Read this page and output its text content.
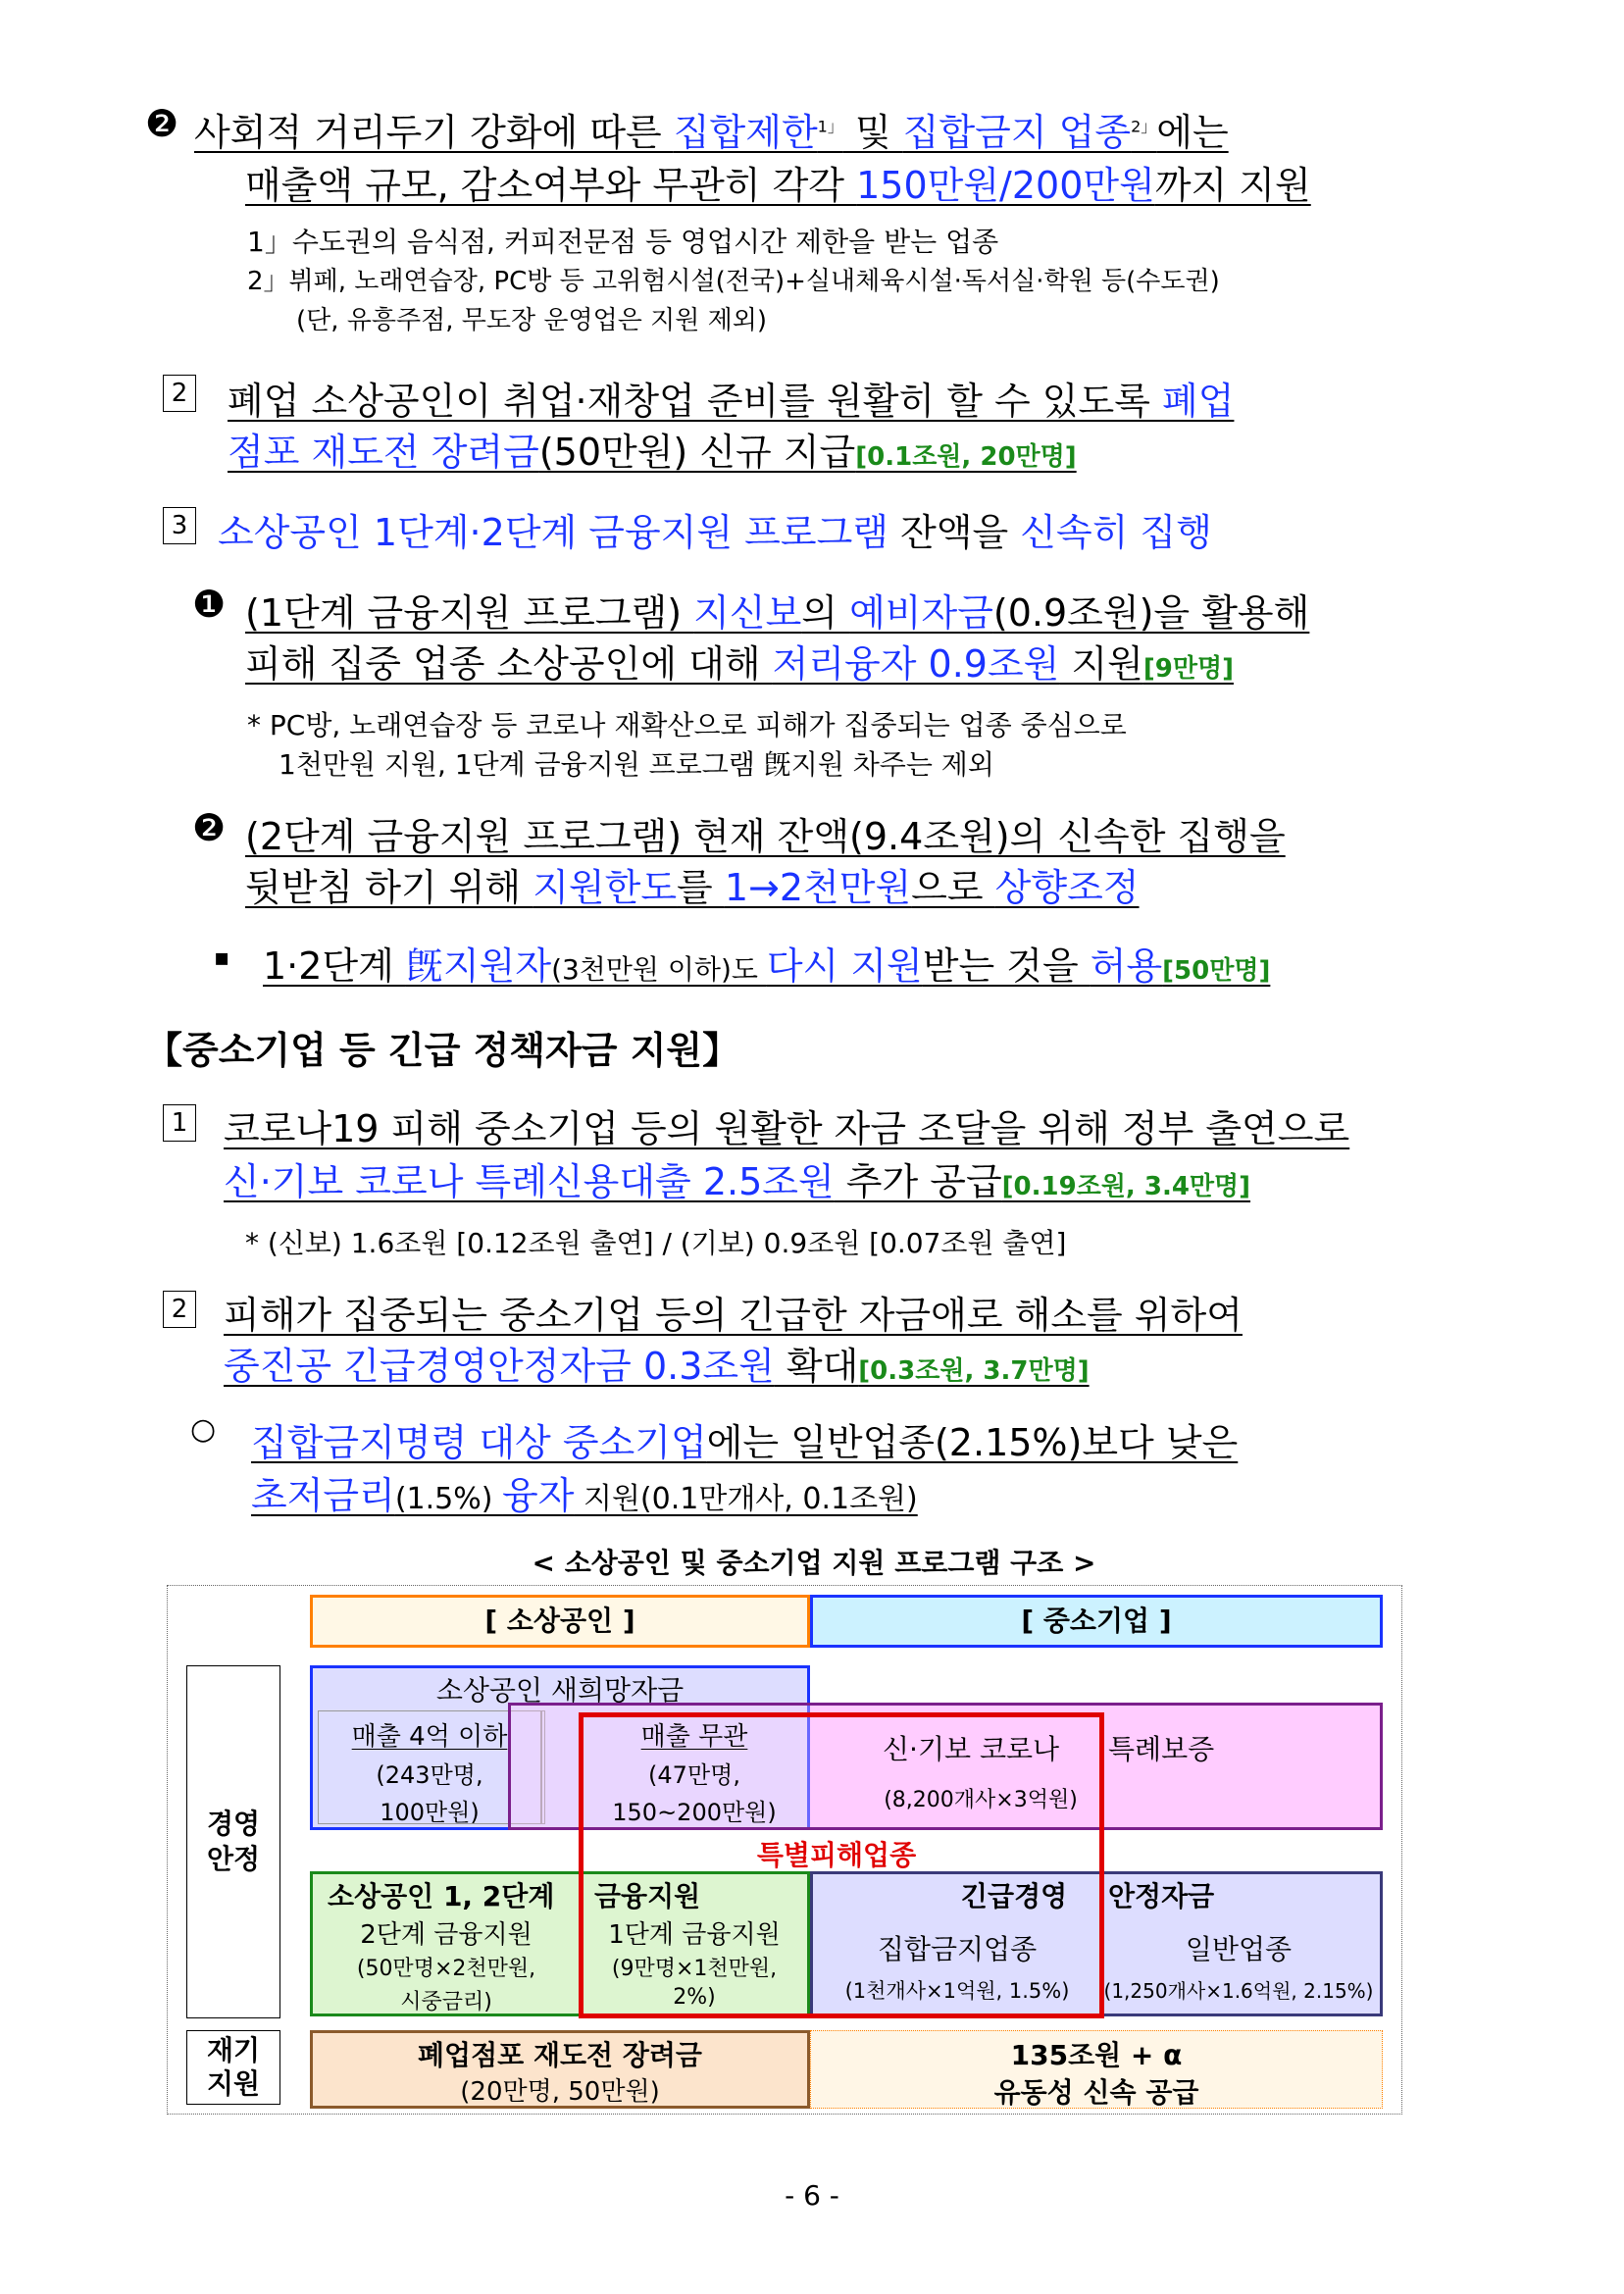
❷ 사회적 거리두기 강화에 따른 집합제한$^{1」}$ 및 집합금지 업종$^{2」}$에는
매출액 규모, 감소여부와 무관히 각각 150만원/200만원까지 지원
1」수도권의 음식점, 커피전문점 등 영업시간 제한을 받는 업종
2」뷔페, 노래연습장, PC방 등 고위험시설(전국)+실내체육시설·독서실·학원 등(수도권)
(단, 유흥주점, 무도장 운영업은 지원 제외)
2 폐업 소상공인이 취업·재창업 준비를 원활히 할 수 있도록 폐업
점포 재도전 장려금(50만원) 신규 지급[0.1조원, 20만명]
3 소상공인 1단계·2단계 금융지원 프로그램 잔액을 신속히 집행
❶ (1단계 금융지원 프로그램) 지신보의 예비자금(0.9조원)을 활용해
피해 집중 업종 소상공인에 대해 저리융자 0.9조원 지원[9만명]
* PC방, 노래연습장 등 코로나 재확산으로 피해가 집중되는 업종 중심으로
1천만원 지원, 1단계 금융지원 프로그램 旣지원 차주는 제외
❷ (2단계 금융지원 프로그램) 현재 잔액(9.4조원)의 신속한 집행을
뒷받침 하기 위해 지원한도를 1→2천만원으로 상향조정
▪ 1·2단계 旣지원자(3천만원 이하)도 다시 지원받는 것을 허용[50만명]
【중소기업 등 긴급 정책자금 지원】
1 코로나19 피해 중소기업 등의 원활한 자금 조달을 위해 정부 출연으로
신·기보 코로나 특례신용대출 2.5조원 추가 공급[0.19조원, 3.4만명]
* (신보) 1.6조원 [0.12조원 출연] / (기보) 0.9조원 [0.07조원 출연]
2 피해가 집중되는 중소기업 등의 긴급한 자금애로 해소를 위하여
중진공 긴급경영안정자금 0.3조원 확대[0.3조원, 3.7만명]
○ 집합금지명령 대상 중소기업에는 일반업종(2.15%)보다 낮은
초저금리(1.5%) 융자 지원(0.1만개사, 0.1조원)
< 소상공인 및 중소기업 지원 프로그램 구조 >
[ 소상공인 ]	[ 중소기업 ]
경영
안정
재기
지원
소상공인 새희망자금
매출 4억 이하
(243만명,
100만원)
매출 무관
(47만명,
150~200만원)
신·기보 코로나 특례보증
(8,200개사×3억원)
특별피해업종
소상공인 1, 2단계 금융지원
2단계 금융지원
(50만명×2천만원,
시중금리)
1단계 금융지원
(9만명×1천만원,
2%)
긴급경영 안정자금
집합금지업종
(1천개사×1억원, 1.5%)
일반업종
(1,250개사×1.6억원, 2.15%)
폐업점포 재도전 장려금
(20만명, 50만원)
135조원 + α
유동성 신속 공급
- 6 -
